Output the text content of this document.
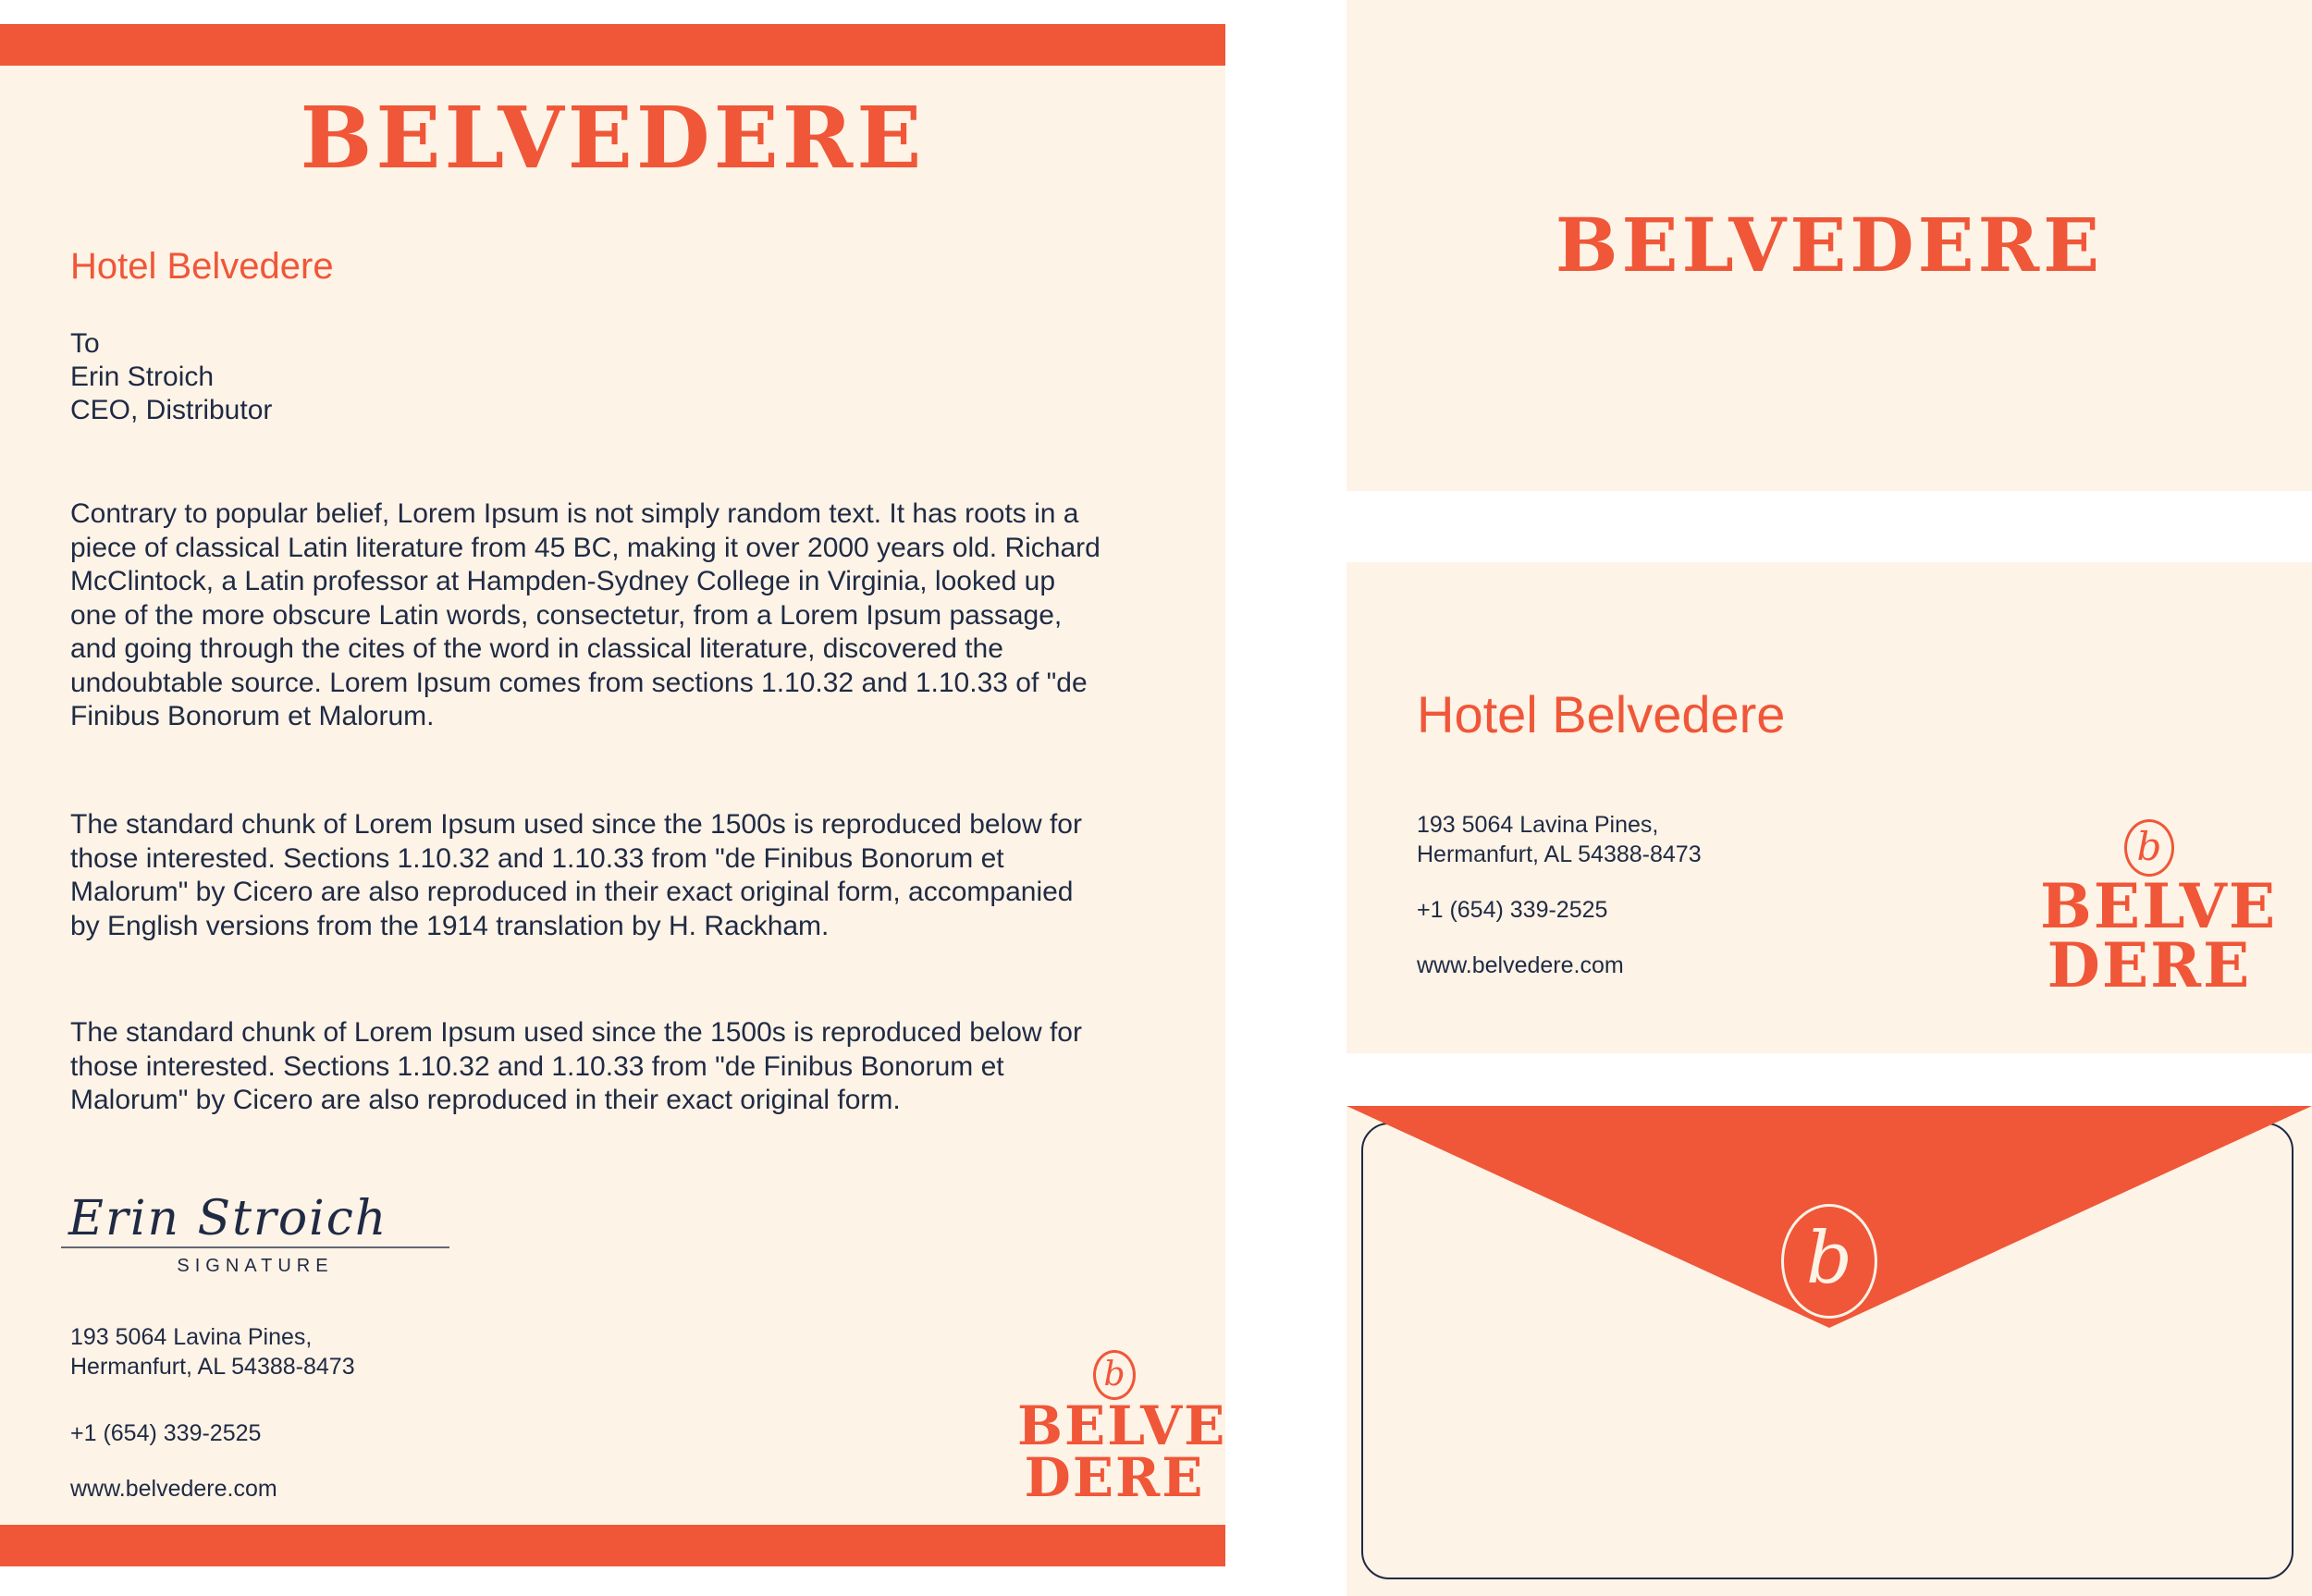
BELVEDERE
Hotel Belvedere
To
Erin Stroich
CEO, Distributor

Contrary to popular belief, Lorem Ipsum is not simply random text. It has roots in a piece of classical Latin literature from 45 BC, making it over 2000 years old. Richard McClintock, a Latin professor at Hampden-Sydney College in Virginia, looked up one of the more obscure Latin words, consectetur, from a Lorem Ipsum passage, and going through the cites of the word in classical literature, discovered the undoubtable source. Lorem Ipsum comes from sections 1.10.32 and 1.10.33 of "de Finibus Bonorum et Malorum.

The standard chunk of Lorem Ipsum used since the 1500s is reproduced below for those interested. Sections 1.10.32 and 1.10.33 from "de Finibus Bonorum et Malorum" by Cicero are also reproduced in their exact original form, accompanied by English versions from the 1914 translation by H. Rackham.

The standard chunk of Lorem Ipsum used since the 1500s is reproduced below for those interested. Sections 1.10.32 and 1.10.33 from "de Finibus Bonorum et Malorum" by Cicero are also reproduced in their exact original form.

Erin Stroich
SIGNATURE
193 5064 Lavina Pines,
Hermanfurt, AL 54388-8473
+1 (654) 339-2525
www.belvedere.com
b
BELVE
DERE
BELVEDERE
Hotel Belvedere
193 5064 Lavina Pines,
Hermanfurt, AL 54388-8473
+1 (654) 339-2525
www.belvedere.com
b
BELVE
DERE
b
